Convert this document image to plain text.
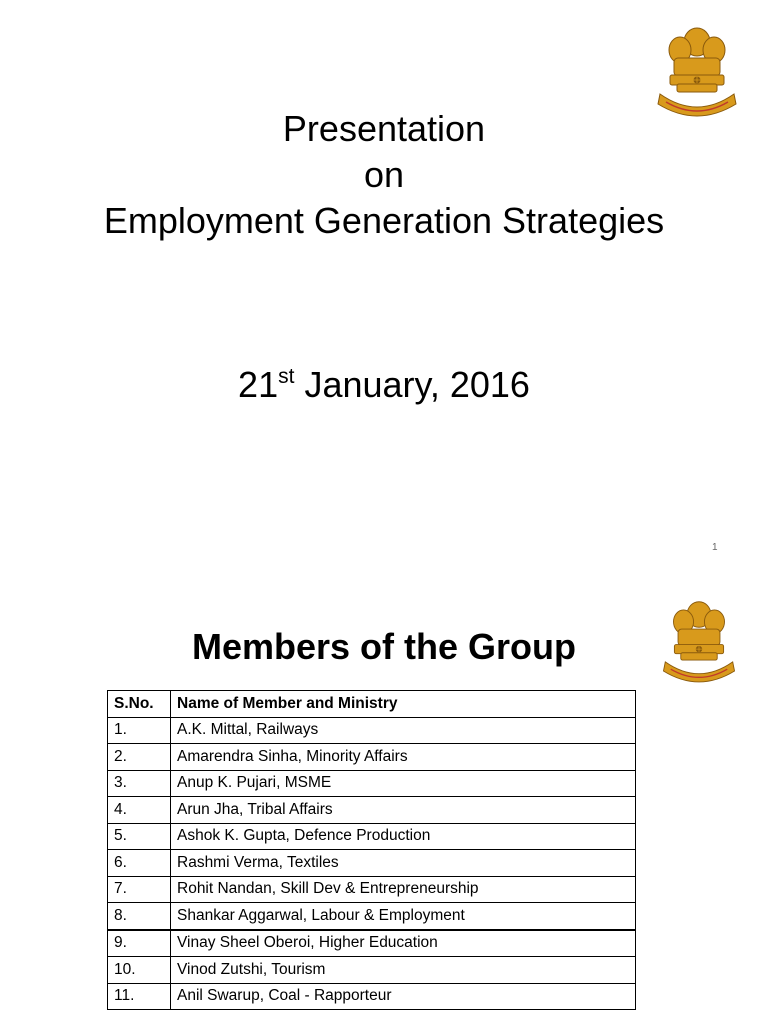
Presentation
on
Employment Generation Strategies
21st January, 2016
1
Members of the Group
S.No.	Name of Member and Ministry
1.	A.K. Mittal, Railways
2.	Amarendra Sinha, Minority Affairs
3.	Anup K. Pujari, MSME
4.	Arun Jha, Tribal Affairs
5.	Ashok K. Gupta, Defence Production
6.	Rashmi Verma, Textiles
7.	Rohit Nandan, Skill Dev & Entrepreneurship
8.	Shankar Aggarwal, Labour & Employment
9.	Vinay Sheel Oberoi, Higher Education
10.	Vinod Zutshi, Tourism
11.	Anil Swarup, Coal - Rapporteur
